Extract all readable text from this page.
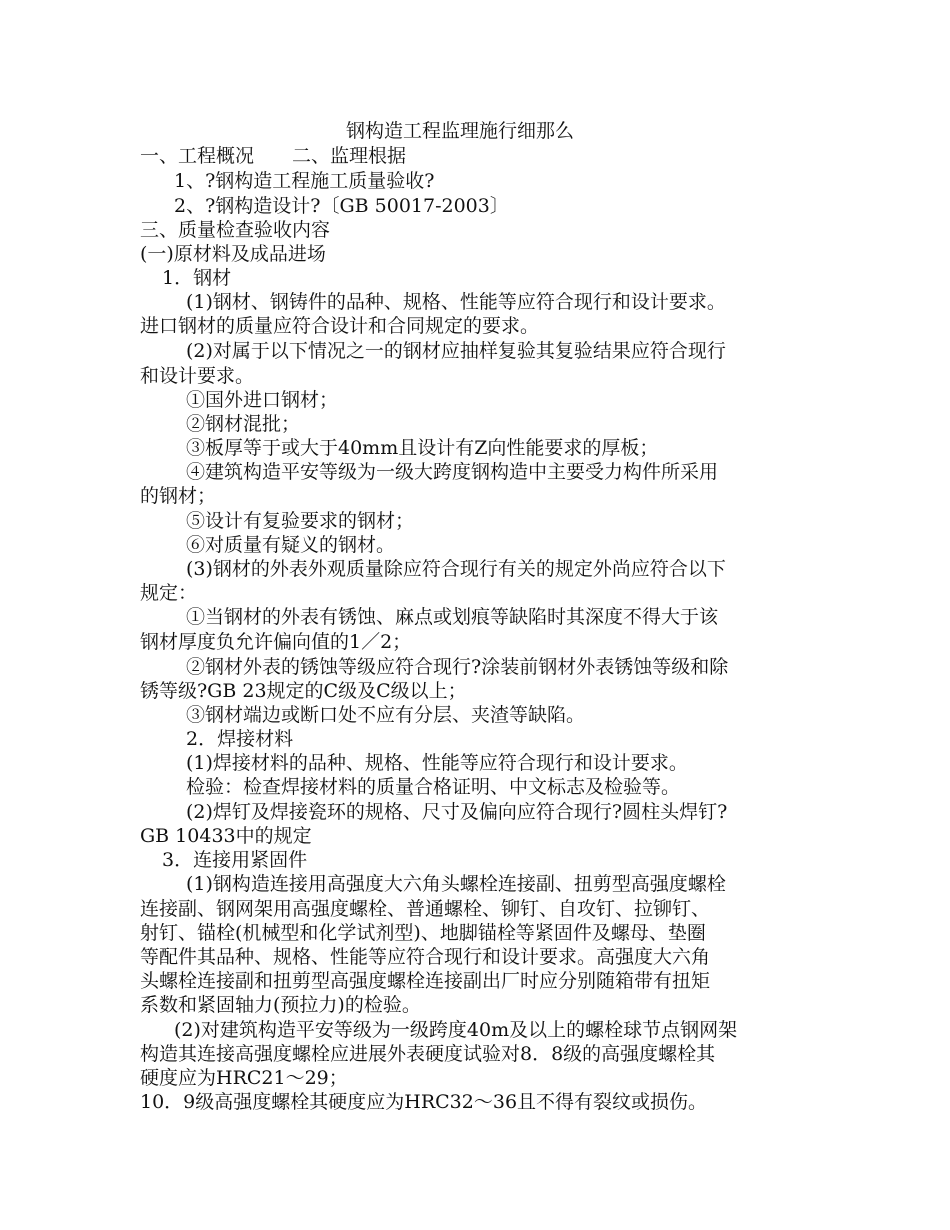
钢构造工程监理施行细那么
一、工程概况　　二、监理根据
1、?钢构造工程施工质量验收?
2、?钢构造设计?〔GB 50017-2003〕
三、质量检查验收内容
(一)原材料及成品进场
1．钢材
(1)钢材、钢铸件的品种、规格、性能等应符合现行和设计要求。
进口钢材的质量应符合设计和合同规定的要求。
(2)对属于以下情况之一的钢材应抽样复验其复验结果应符合现行
和设计要求。
①国外进口钢材；
②钢材混批；
③板厚等于或大于40mm且设计有Z向性能要求的厚板；
④建筑构造平安等级为一级大跨度钢构造中主要受力构件所采用
的钢材；
⑤设计有复验要求的钢材；
⑥对质量有疑义的钢材。
(3)钢材的外表外观质量除应符合现行有关的规定外尚应符合以下
规定：
①当钢材的外表有锈蚀、麻点或划痕等缺陷时其深度不得大于该
钢材厚度负允许偏向值的1／2；
②钢材外表的锈蚀等级应符合现行?涂装前钢材外表锈蚀等级和除
锈等级?GB 23规定的C级及C级以上；
③钢材端边或断口处不应有分层、夹渣等缺陷。
2．焊接材料
(1)焊接材料的品种、规格、性能等应符合现行和设计要求。
检验：检查焊接材料的质量合格证明、中文标志及检验等。
(2)焊钉及焊接瓷环的规格、尺寸及偏向应符合现行?圆柱头焊钉?
GB 10433中的规定
3．连接用紧固件
(1)钢构造连接用高强度大六角头螺栓连接副、扭剪型高强度螺栓
连接副、钢网架用高强度螺栓、普通螺栓、铆钉、自攻钉、拉铆钉、
射钉、锚栓(机械型和化学试剂型)、地脚锚栓等紧固件及螺母、垫圈
等配件其品种、规格、性能等应符合现行和设计要求。高强度大六角
头螺栓连接副和扭剪型高强度螺栓连接副出厂时应分别随箱带有扭矩
系数和紧固轴力(预拉力)的检验。
(2)对建筑构造平安等级为一级跨度40m及以上的螺栓球节点钢网架
构造其连接高强度螺栓应进展外表硬度试验对8．8级的高强度螺栓其
硬度应为HRC21～29；
10．9级高强度螺栓其硬度应为HRC32～36且不得有裂纹或损伤。
